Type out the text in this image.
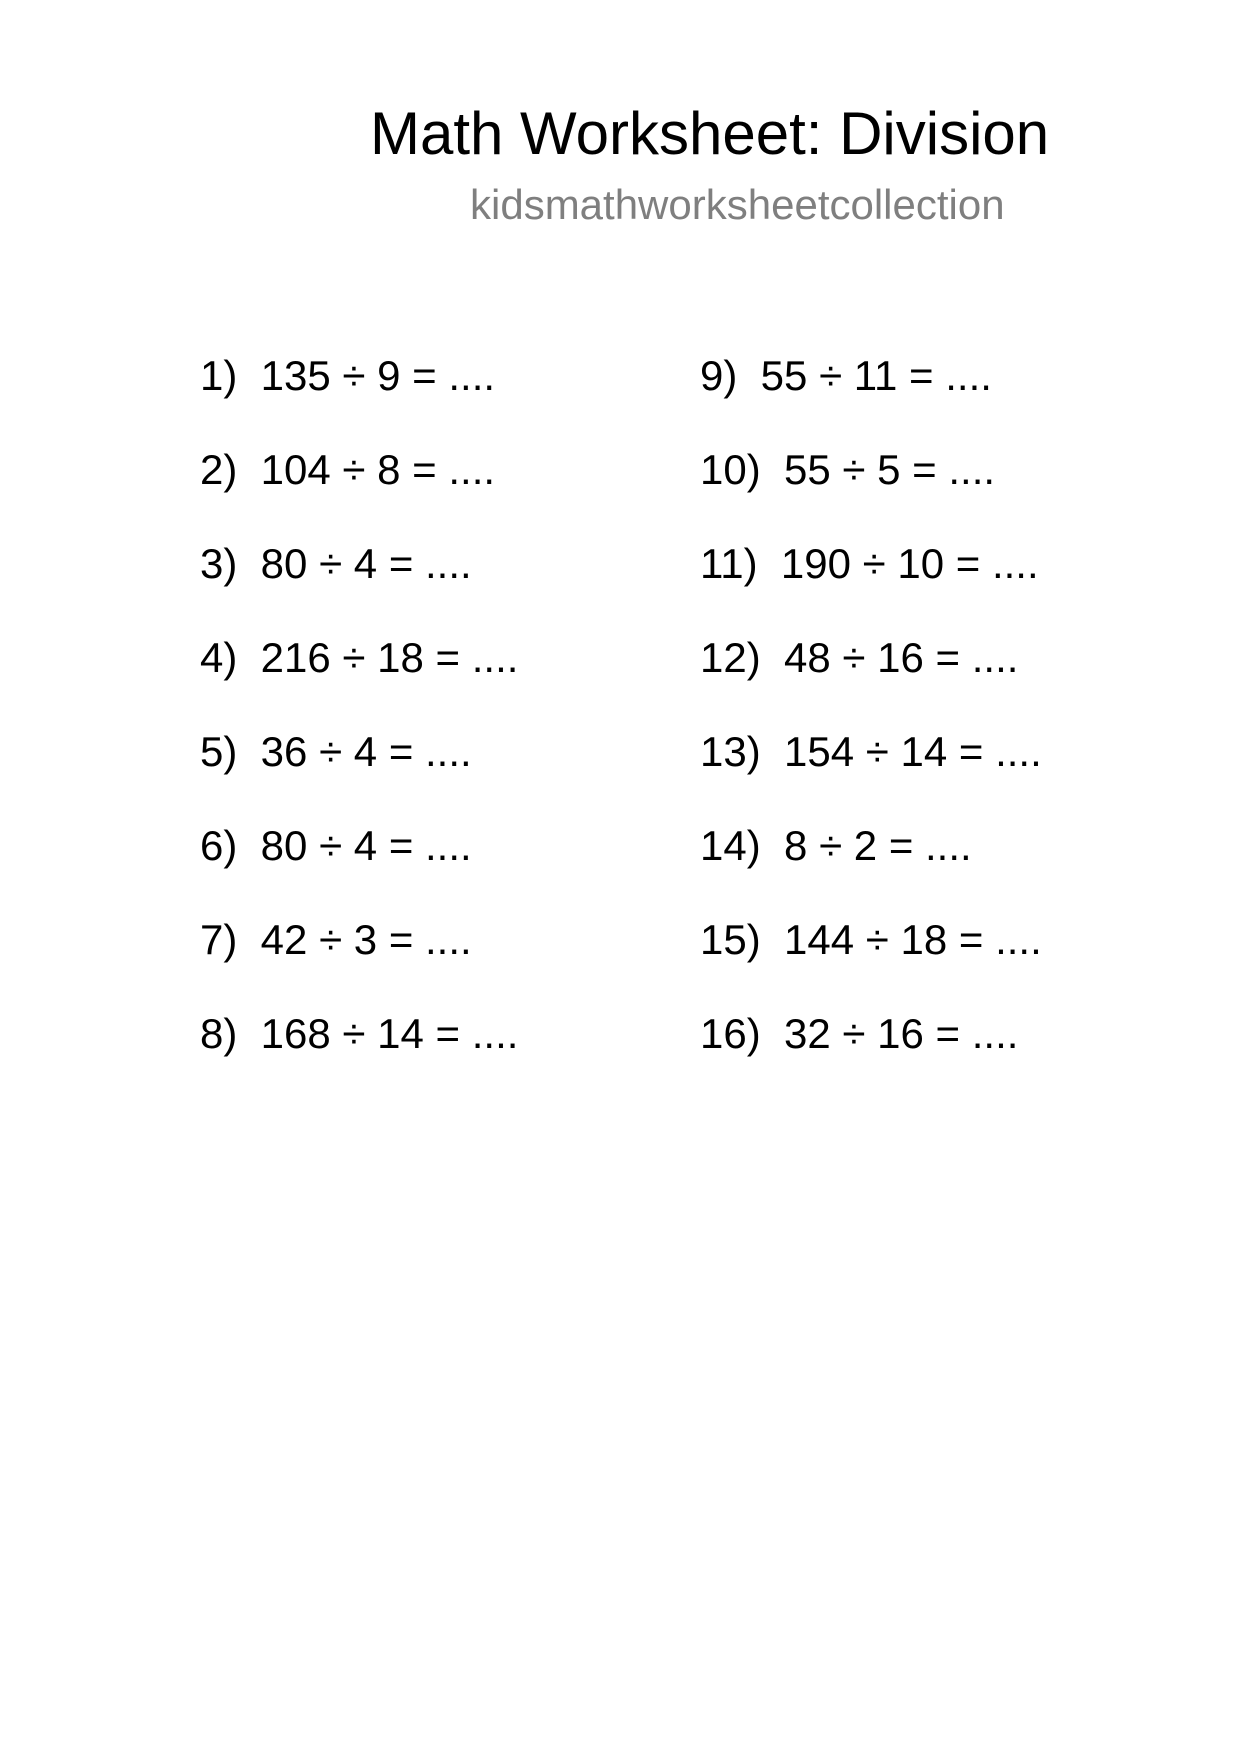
Math Worksheet: Division
kidsmathworksheetcollection
1)  135 ÷ 9 = ....
2)  104 ÷ 8 = ....
3)  80 ÷ 4 = ....
4)  216 ÷ 18 = ....
5)  36 ÷ 4 = ....
6)  80 ÷ 4 = ....
7)  42 ÷ 3 = ....
8)  168 ÷ 14 = ....
9)  55 ÷ 11 = ....
10)  55 ÷ 5 = ....
11)  190 ÷ 10 = ....
12)  48 ÷ 16 = ....
13)  154 ÷ 14 = ....
14)  8 ÷ 2 = ....
15)  144 ÷ 18 = ....
16)  32 ÷ 16 = ....
